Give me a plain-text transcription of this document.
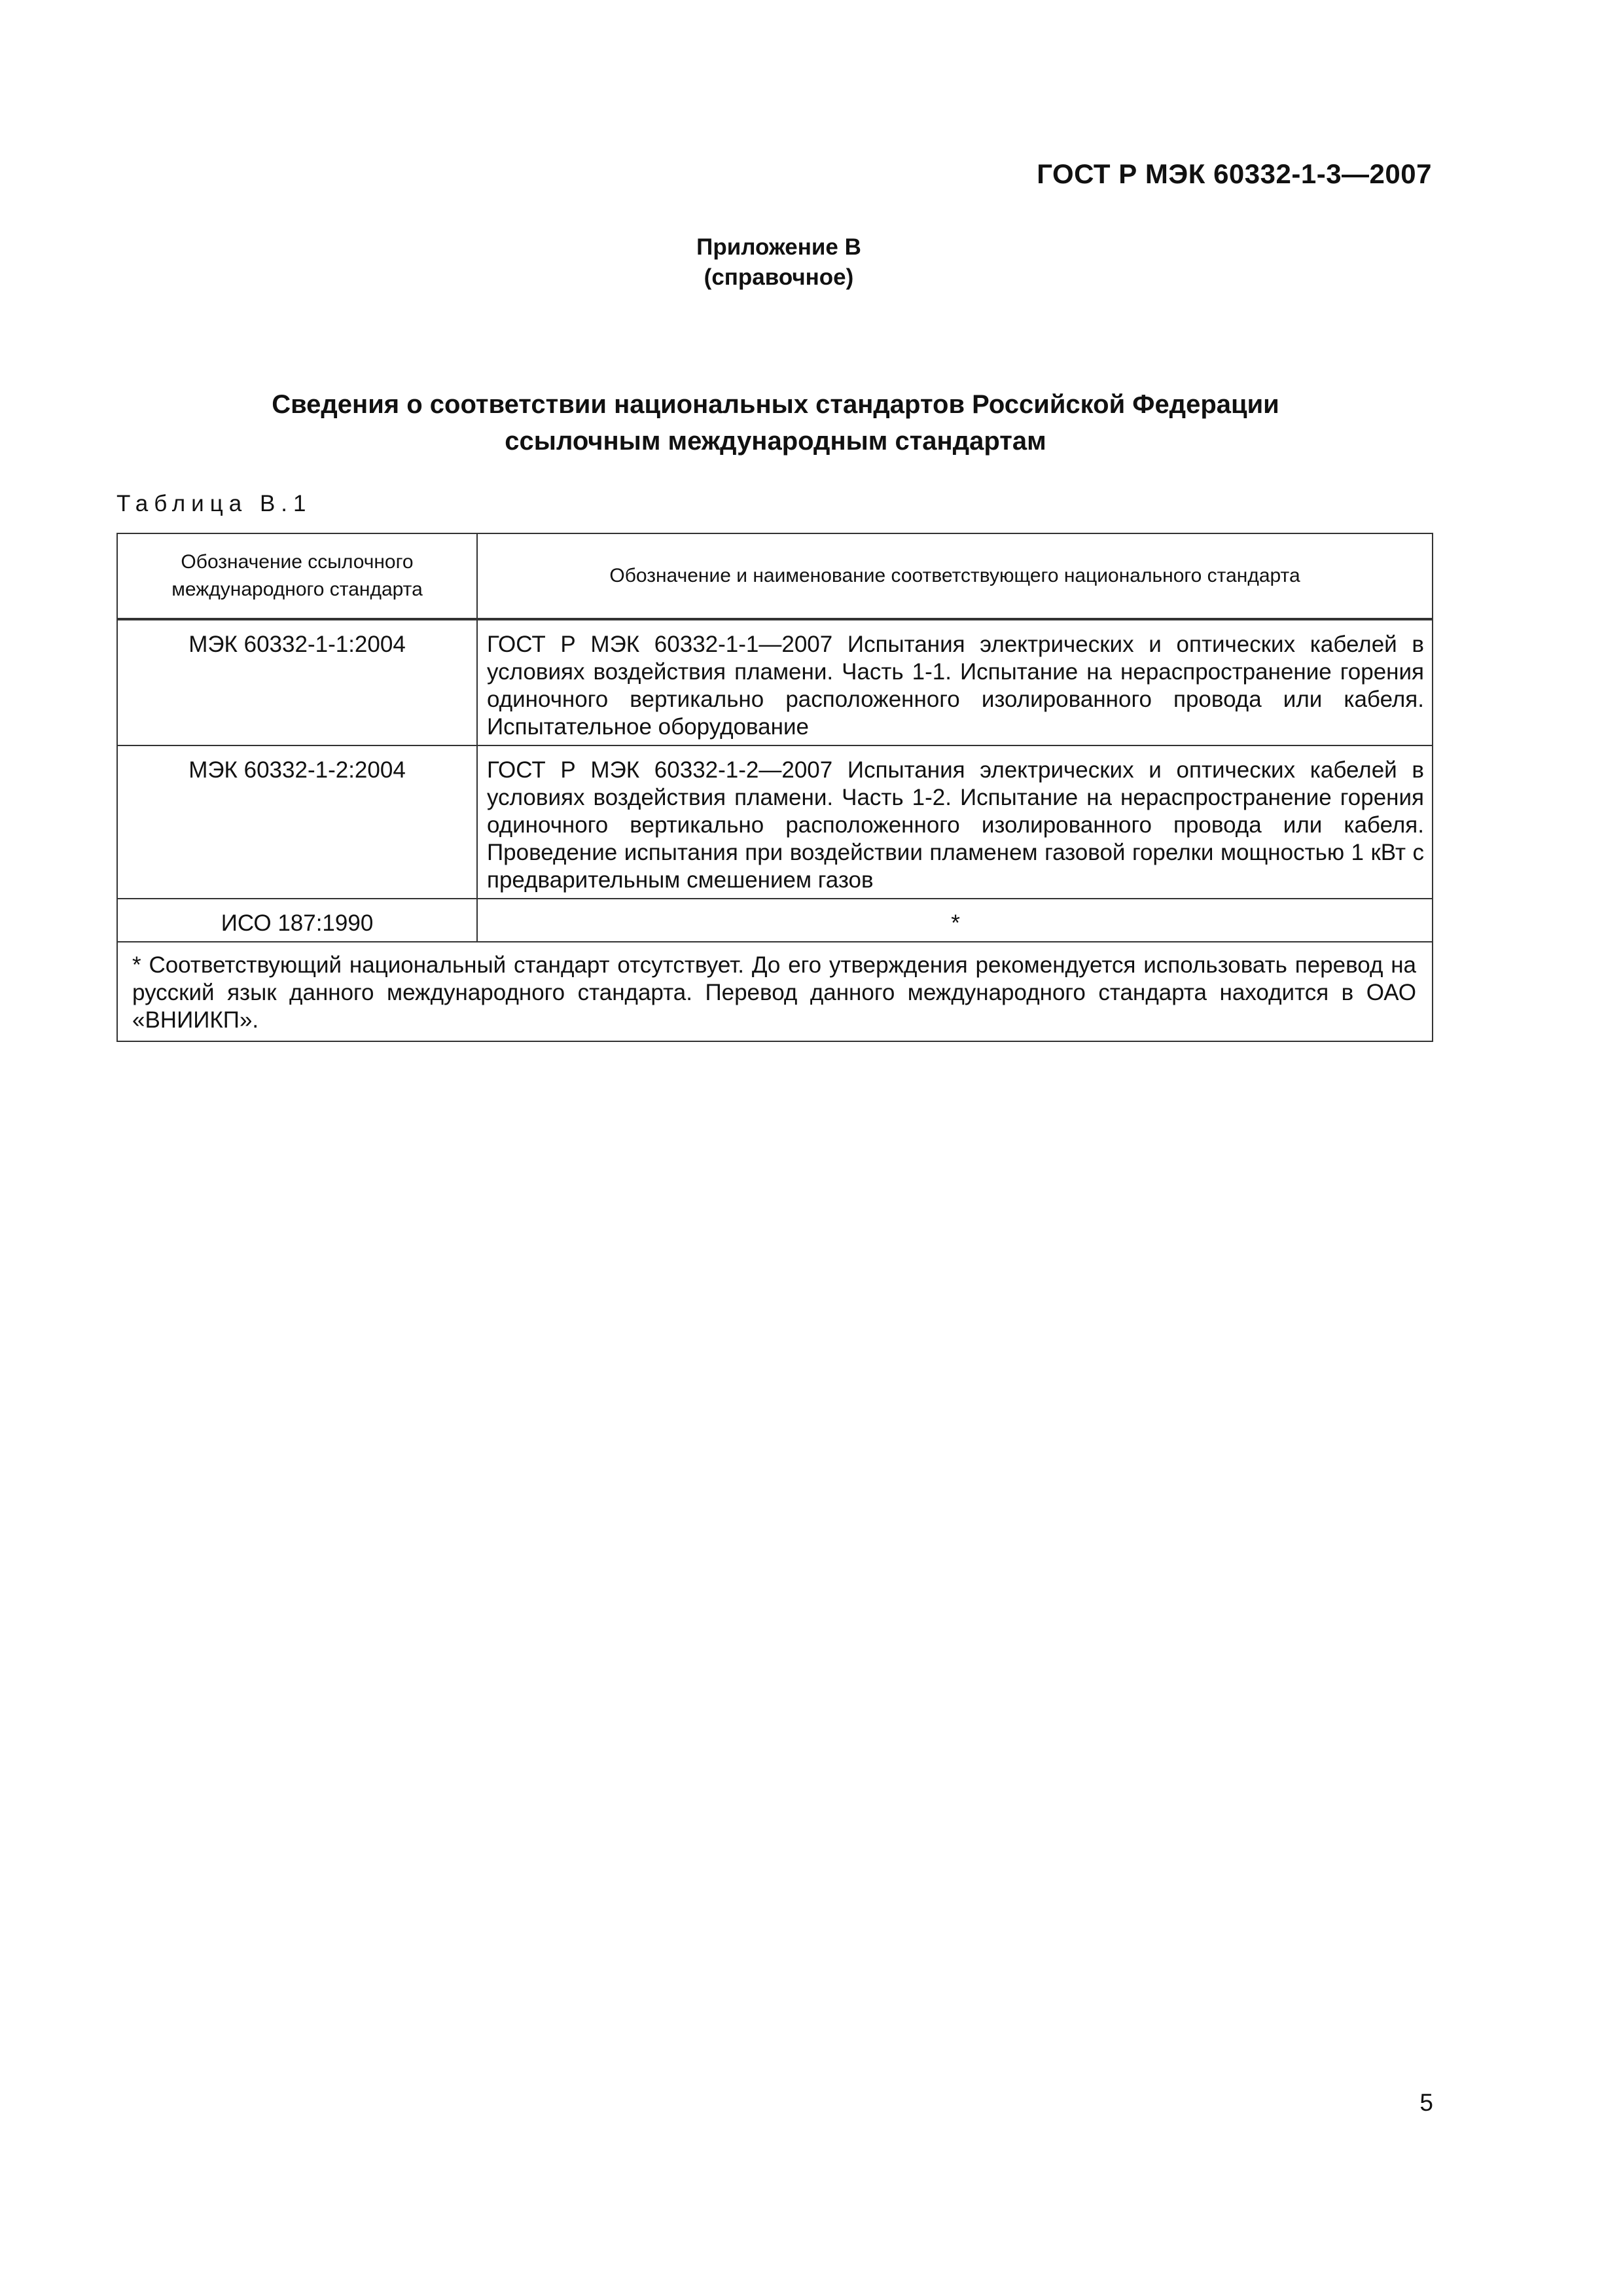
ГОСТ Р МЭК 60332-1-3—2007
Приложение В
(справочное)
Сведения о соответствии национальных стандартов Российской Федерации
ссылочным международным стандартам
Таблица В.1
Обозначение ссылочного международного стандарта	Обозначение и наименование соответствующего национального стандарта
МЭК 60332-1-1:2004	ГОСТ Р МЭК 60332-1-1—2007 Испытания электрических и оптических кабелей в условиях воздействия пламени. Часть 1-1. Испытание на нераспространение горения одиночного вертикально расположенного изолированного провода или кабеля. Испытательное оборудование
МЭК 60332-1-2:2004	ГОСТ Р МЭК 60332-1-2—2007 Испытания электрических и оптических кабелей в условиях воздействия пламени. Часть 1-2. Испытание на нераспространение горения одиночного вертикально расположенного изолированного провода или кабеля. Проведение испытания при воздействии пламенем газовой горелки мощностью 1 кВт с предварительным смешением газов
ИСО 187:1990	*
* Соответствующий национальный стандарт отсутствует. До его утверждения рекомендуется использовать перевод на русский язык данного международного стандарта. Перевод данного международного стандарта находится в ОАО «ВНИИКП».	
5
